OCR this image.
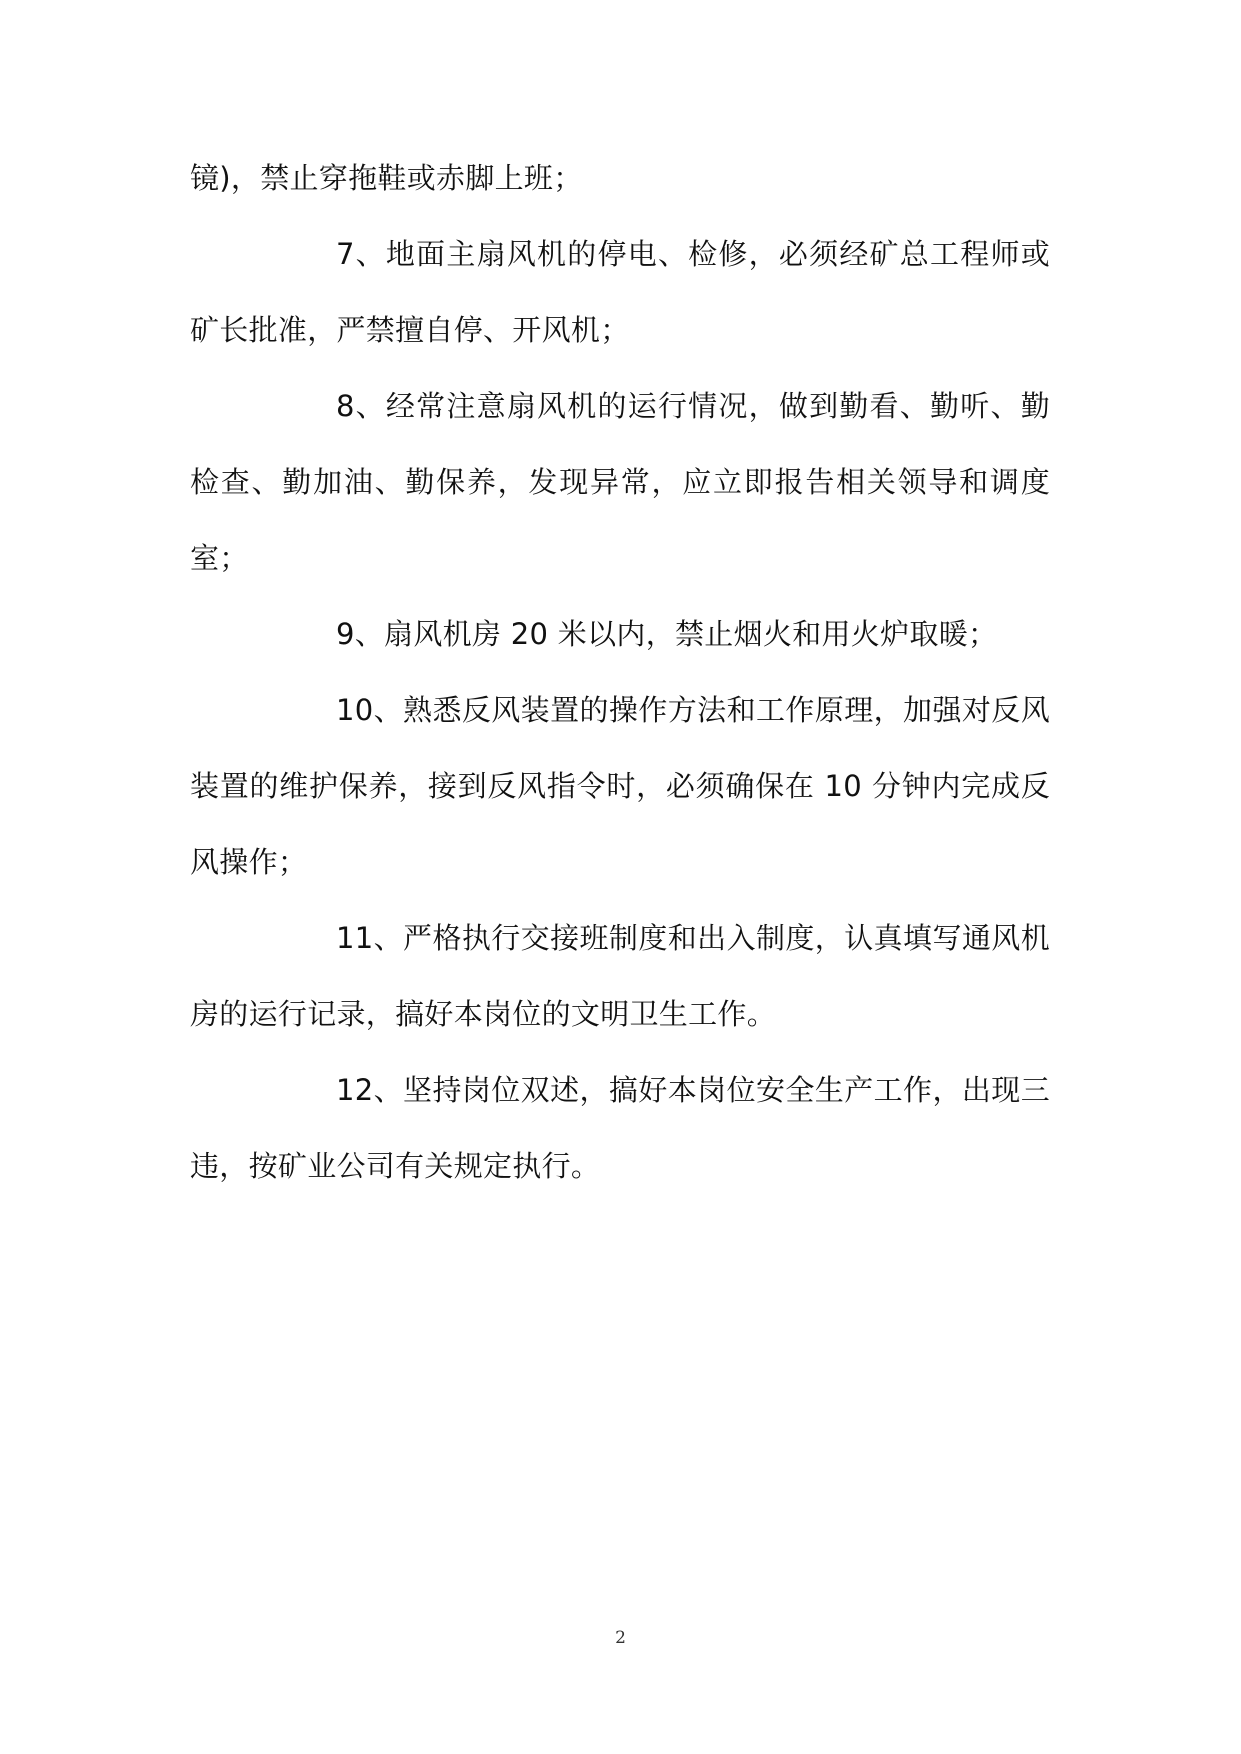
镜)，禁止穿拖鞋或赤脚上班；

7、地面主扇风机的停电、检修，必须经矿总工程师或矿长批准，严禁擅自停、开风机；

8、经常注意扇风机的运行情况，做到勤看、勤听、勤检查、勤加油、勤保养，发现异常，应立即报告相关领导和调度室；

9、扇风机房 20 米以内，禁止烟火和用火炉取暖；

10、熟悉反风装置的操作方法和工作原理，加强对反风装置的维护保养，接到反风指令时，必须确保在 10 分钟内完成反风操作；

11、严格执行交接班制度和出入制度，认真填写通风机房的运行记录，搞好本岗位的文明卫生工作。

12、坚持岗位双述，搞好本岗位安全生产工作，出现三违，按矿业公司有关规定执行。

2
